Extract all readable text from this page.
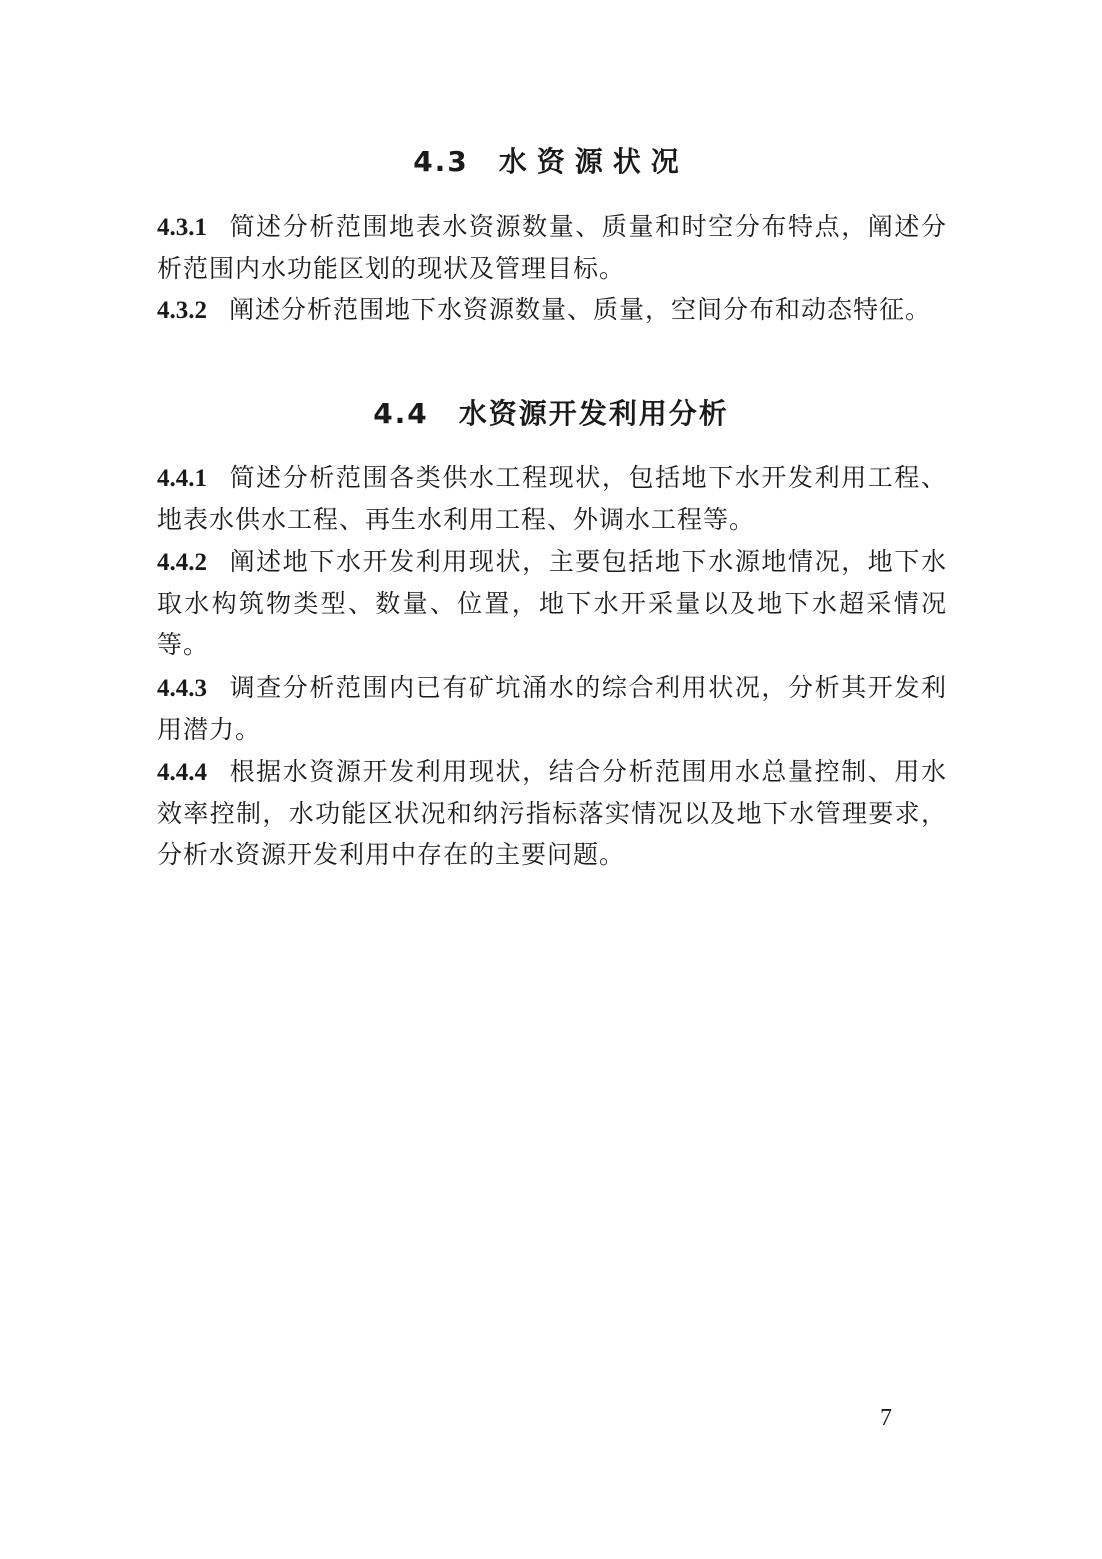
4.3 水资源状况
4.3.1 简述分析范围地表水资源数量、质量和时空分布特点，阐述分析范围内水功能区划的现状及管理目标。
4.3.2 阐述分析范围地下水资源数量、质量，空间分布和动态特征。
4.4 水资源开发利用分析
4.4.1 简述分析范围各类供水工程现状，包括地下水开发利用工程、地表水供水工程、再生水利用工程、外调水工程等。
4.4.2 阐述地下水开发利用现状，主要包括地下水源地情况，地下水取水构筑物类型、数量、位置，地下水开采量以及地下水超采情况等。
4.4.3 调查分析范围内已有矿坑涌水的综合利用状况，分析其开发利用潜力。
4.4.4 根据水资源开发利用现状，结合分析范围用水总量控制、用水效率控制，水功能区状况和纳污指标落实情况以及地下水管理要求，分析水资源开发利用中存在的主要问题。
7
